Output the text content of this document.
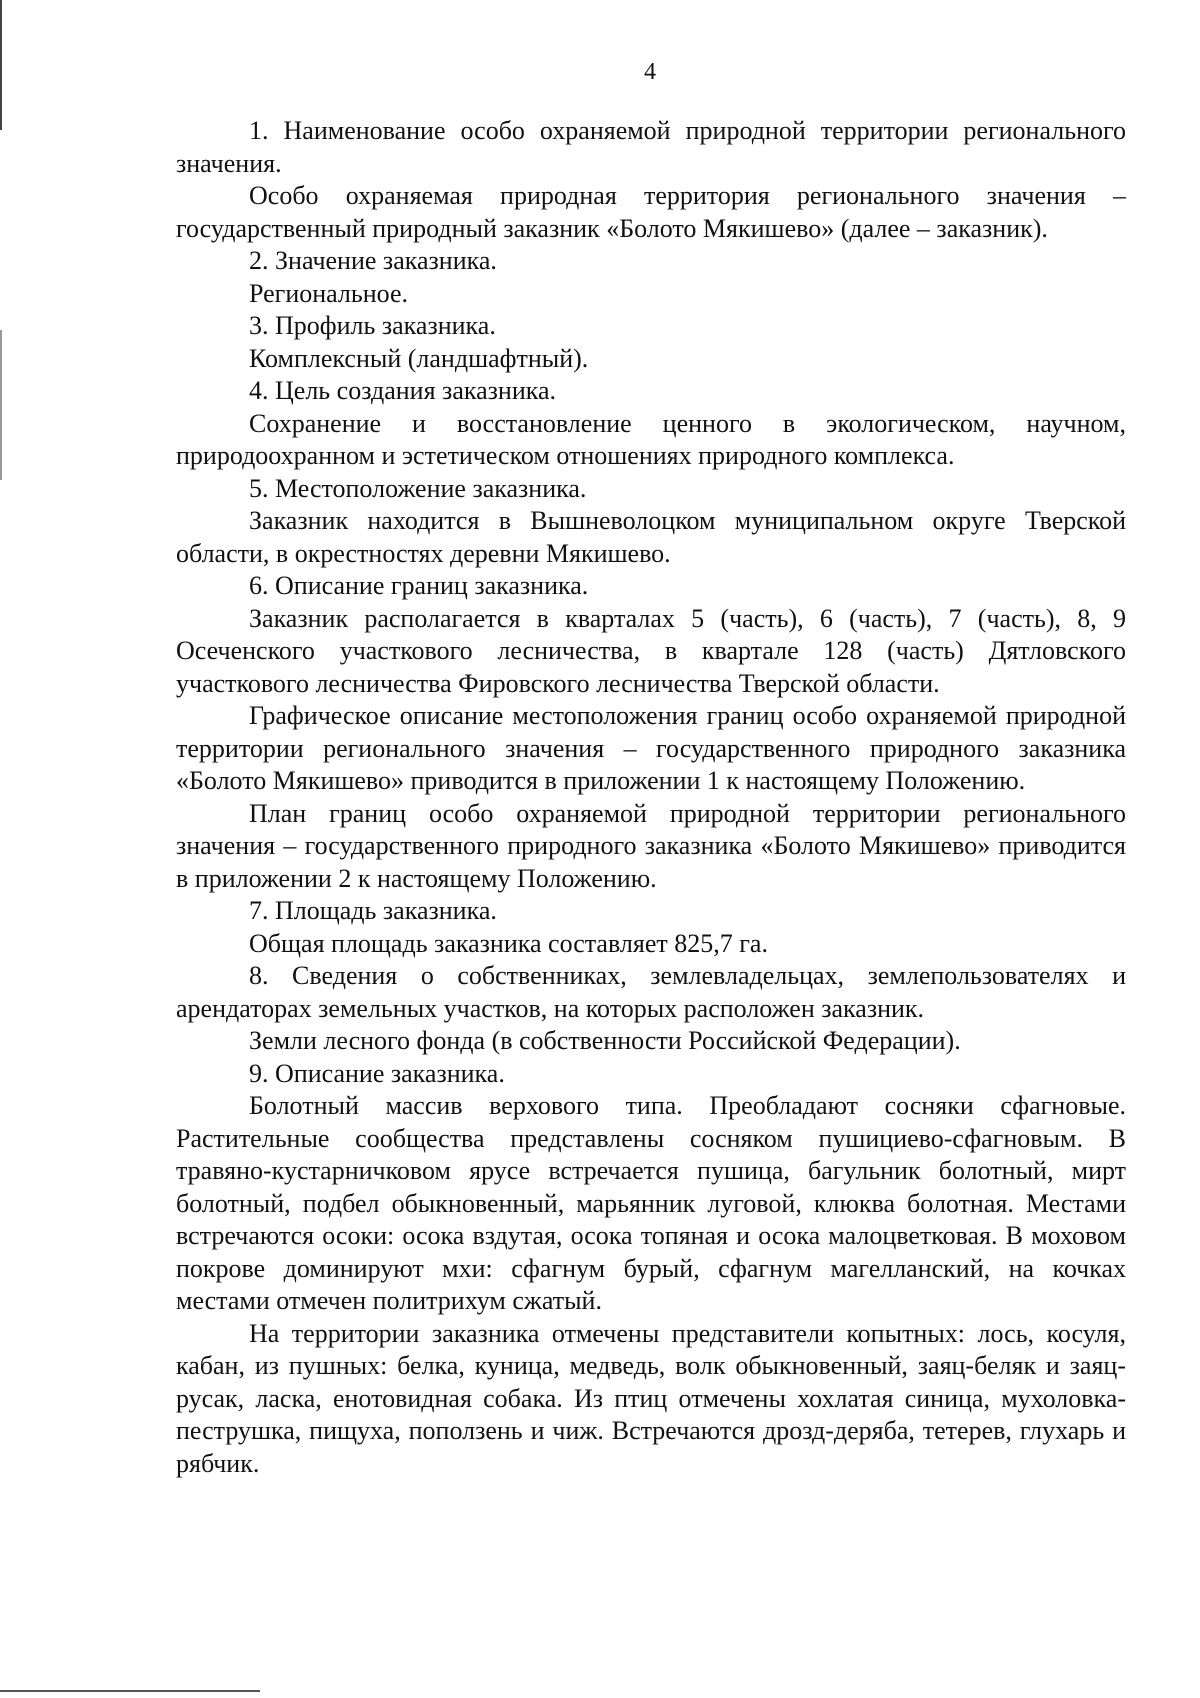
4

1. Наименование особо охраняемой природной территории регионального значения.

Особо охраняемая природная территория регионального значения – государственный природный заказник «Болото Мякишево» (далее – заказник).

2. Значение заказника.

Региональное.

3. Профиль заказника.

Комплексный (ландшафтный).

4. Цель создания заказника.

Сохранение и восстановление ценного в экологическом, научном, природоохранном и эстетическом отношениях природного комплекса.

5. Местоположение заказника.

Заказник находится в Вышневолоцком муниципальном округе Тверской области, в окрестностях деревни Мякишево.

6. Описание границ заказника.

Заказник располагается в кварталах 5 (часть), 6 (часть), 7 (часть), 8, 9 Осеченского участкового лесничества, в квартале 128 (часть) Дятловского участкового лесничества Фировского лесничества Тверской области.

Графическое описание местоположения границ особо охраняемой природной территории регионального значения – государственного природного заказника «Болото Мякишево» приводится в приложении 1 к настоящему Положению.

План границ особо охраняемой природной территории регионального значения – государственного природного заказника «Болото Мякишево» приводится в приложении 2 к настоящему Положению.

7. Площадь заказника.

Общая площадь заказника составляет 825,7 га.

8. Сведения о собственниках, землевладельцах, землепользователях и арендаторах земельных участков, на которых расположен заказник.

Земли лесного фонда (в собственности Российской Федерации).

9. Описание заказника.

Болотный массив верхового типа. Преобладают сосняки сфагновые. Растительные сообщества представлены сосняком пушициево-сфагновым. В травяно-кустарничковом ярусе встречается пушица, багульник болотный, мирт болотный, подбел обыкновенный, марьянник луговой, клюква болотная. Местами встречаются осоки: осока вздутая, осока топяная и осока малоцветковая. В моховом покрове доминируют мхи: сфагнум бурый, сфагнум магелланский, на кочках местами отмечен политрихум сжатый.

На территории заказника отмечены представители копытных: лось, косуля, кабан, из пушных: белка, куница, медведь, волк обыкновенный, заяц-беляк и заяц-русак, ласка, енотовидная собака. Из птиц отмечены хохлатая синица, мухоловка-пеструшка, пищуха, поползень и чиж. Встречаются дрозд-деряба, тетерев, глухарь и рябчик.
